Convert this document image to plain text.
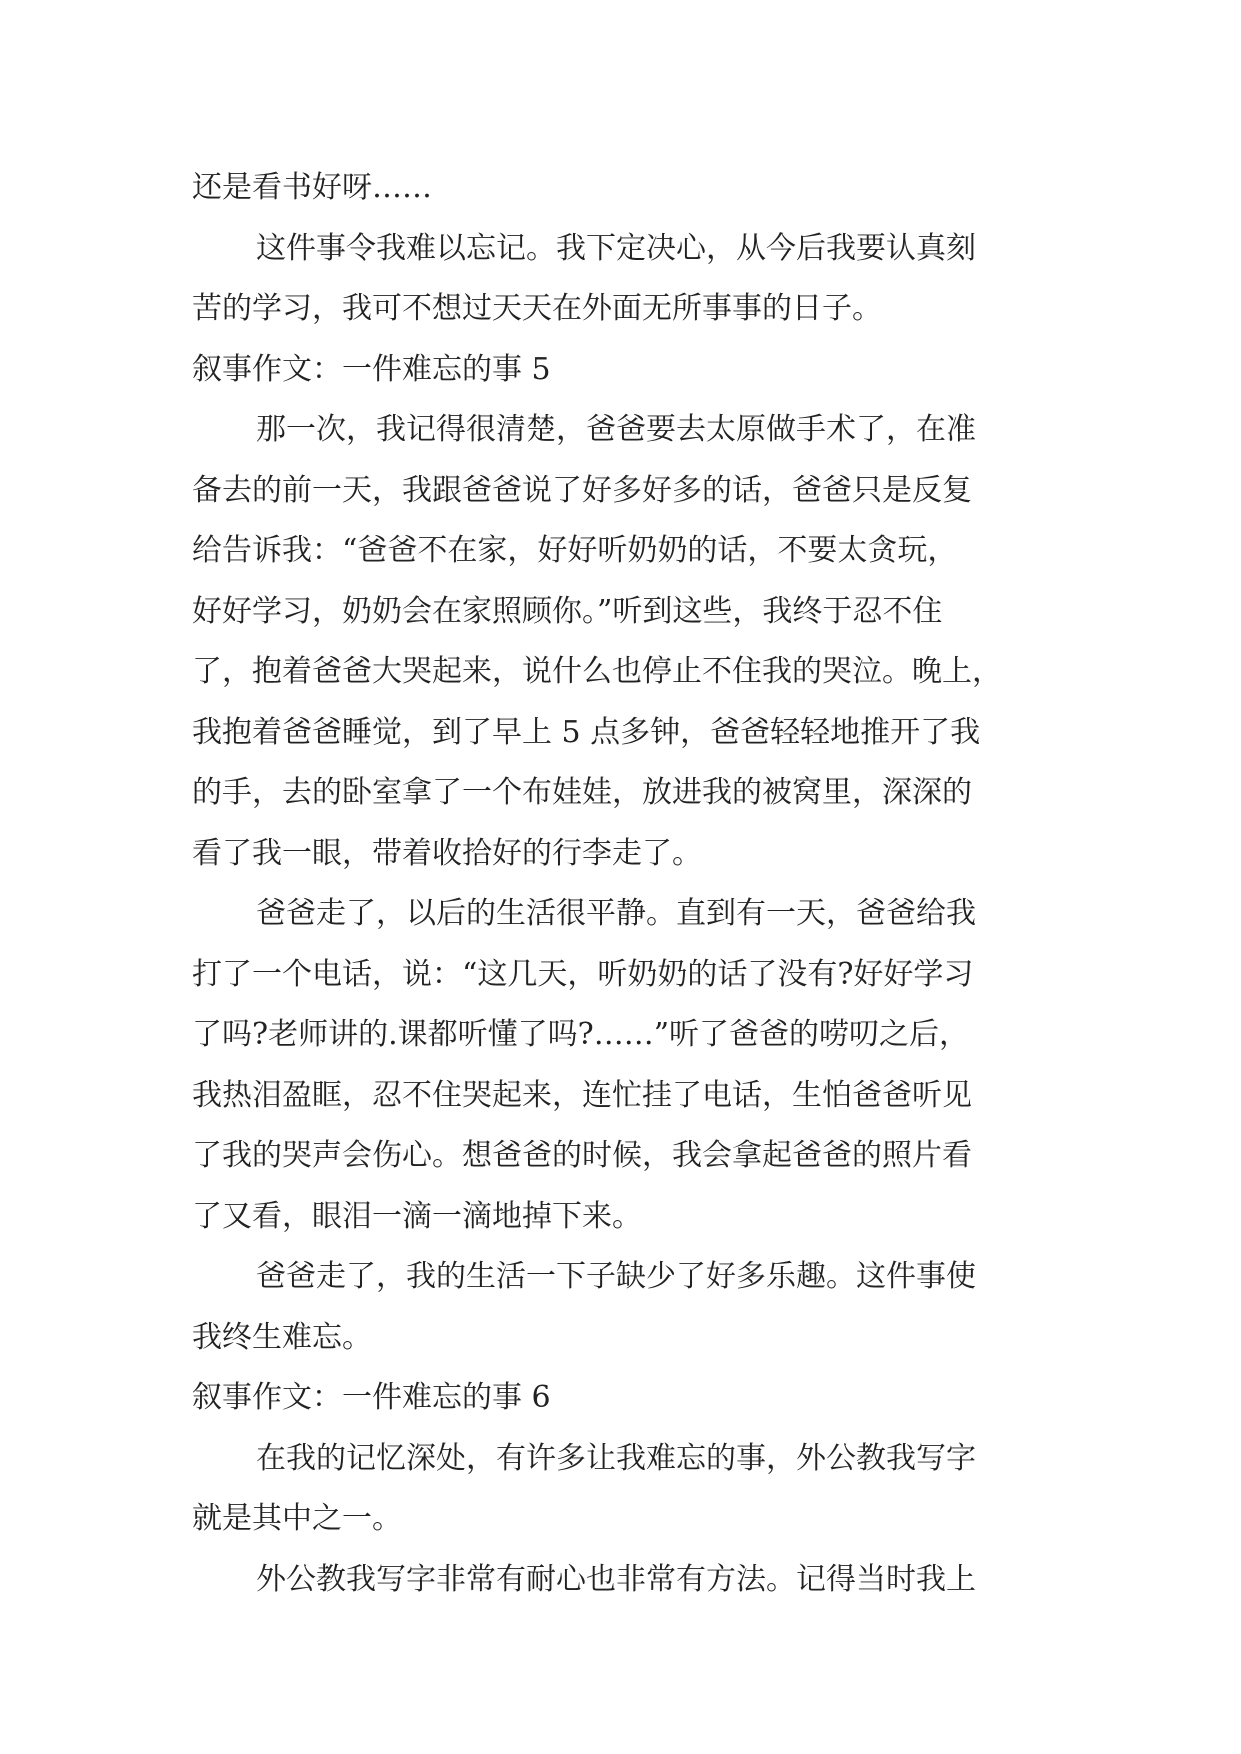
还是看书好呀……
这件事令我难以忘记。我下定决心，从今后我要认真刻
苦的学习，我可不想过天天在外面无所事事的日子。
叙事作文：一件难忘的事 5
那一次，我记得很清楚，爸爸要去太原做手术了，在准
备去的前一天，我跟爸爸说了好多好多的话，爸爸只是反复
给告诉我：“爸爸不在家，好好听奶奶的话，不要太贪玩，
好好学习，奶奶会在家照顾你。”听到这些，我终于忍不住
了，抱着爸爸大哭起来，说什么也停止不住我的哭泣。晚上，
我抱着爸爸睡觉，到了早上 5 点多钟，爸爸轻轻地推开了我
的手，去的卧室拿了一个布娃娃，放进我的被窝里，深深的
看了我一眼，带着收拾好的行李走了。
爸爸走了，以后的生活很平静。直到有一天，爸爸给我
打了一个电话，说：“这几天，听奶奶的话了没有?好好学习
了吗?老师讲的.课都听懂了吗?……”听了爸爸的唠叨之后，
我热泪盈眶，忍不住哭起来，连忙挂了电话，生怕爸爸听见
了我的哭声会伤心。想爸爸的时候，我会拿起爸爸的照片看
了又看，眼泪一滴一滴地掉下来。
爸爸走了，我的生活一下子缺少了好多乐趣。这件事使
我终生难忘。
叙事作文：一件难忘的事 6
在我的记忆深处，有许多让我难忘的事，外公教我写字
就是其中之一。
外公教我写字非常有耐心也非常有方法。记得当时我上
